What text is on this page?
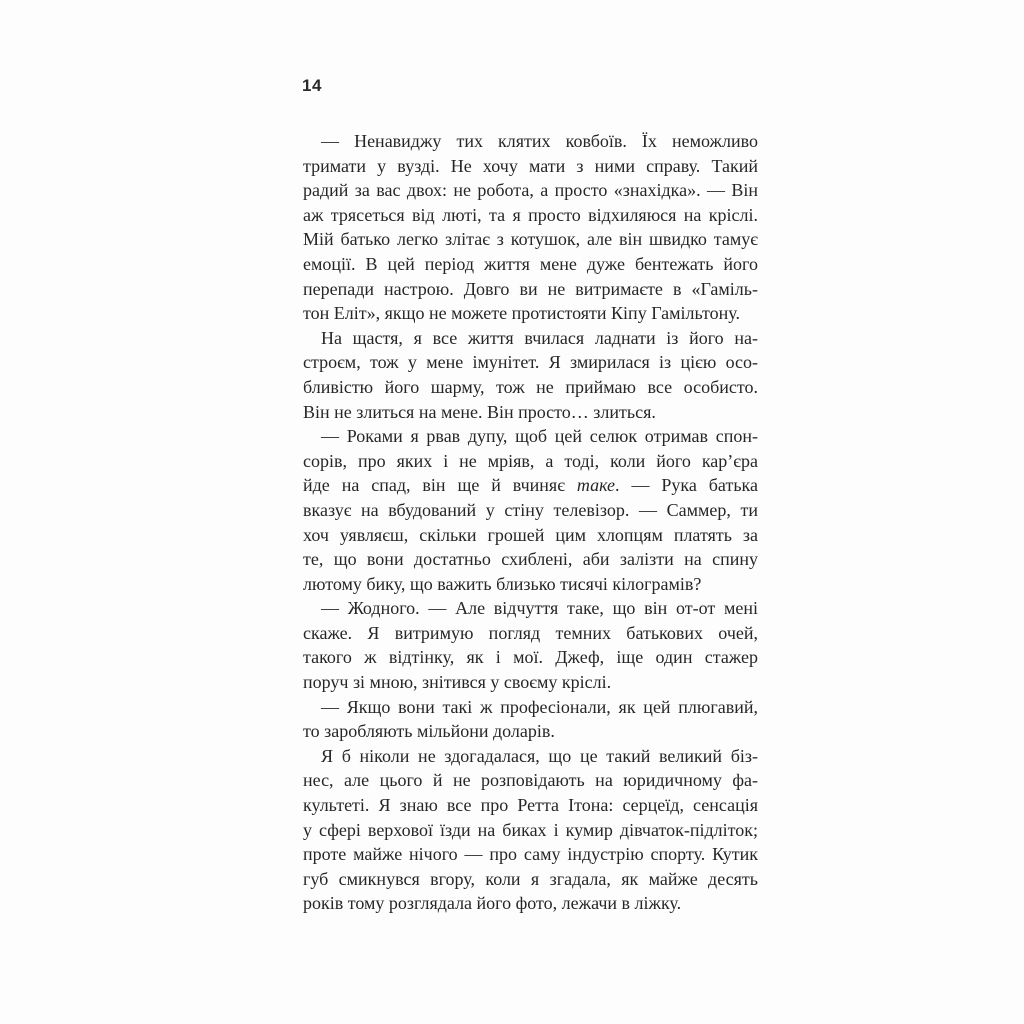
14
— Ненавиджу тих клятих ковбоїв. Їх неможливо
тримати у вузді. Не хочу мати з ними справу. Такий
радий за вас двох: не робота, а просто «знахідка». — Він
аж трясеться від люті, та я просто відхиляюся на кріслі.
Мій батько легко злітає з котушок, але він швидко тамує
емоції. В цей період життя мене дуже бентежать його
перепади настрою. Довго ви не витримаєте в «Гаміль-
тон Еліт», якщо не можете протистояти Кіпу Гамільтону.
На щастя, я все життя вчилася ладнати із його на-
строєм, тож у мене імунітет. Я змирилася із цією осо-
бливістю його шарму, тож не приймаю все особисто.
Він не злиться на мене. Він просто… злиться.
— Роками я рвав дупу, щоб цей селюк отримав спон-
сорів, про яких і не мріяв, а тоді, коли його кар’єра
йде на спад, він ще й вчиняє таке. — Рука батька
вказує на вбудований у стіну телевізор. — Саммер, ти
хоч уявляєш, скільки грошей цим хлопцям платять за
те, що вони достатньо схиблені, аби залізти на спину
лютому бику, що важить близько тисячі кілограмів?
— Жодного. — Але відчуття таке, що він от-от мені
скаже. Я витримую погляд темних батькових очей,
такого ж відтінку, як і мої. Джеф, іще один стажер
поруч зі мною, знітився у своєму кріслі.
— Якщо вони такі ж професіонали, як цей плюгавий,
то заробляють мільйони доларів.
Я б ніколи не здогадалася, що це такий великий біз-
нес, але цього й не розповідають на юридичному фа-
культеті. Я знаю все про Ретта Ітона: серцеїд, сенсація
у сфері верхової їзди на биках і кумир дівчаток-підліток;
проте майже нічого — про саму індустрію спорту. Кутик
губ смикнувся вгору, коли я згадала, як майже десять
років тому розглядала його фото, лежачи в ліжку.
